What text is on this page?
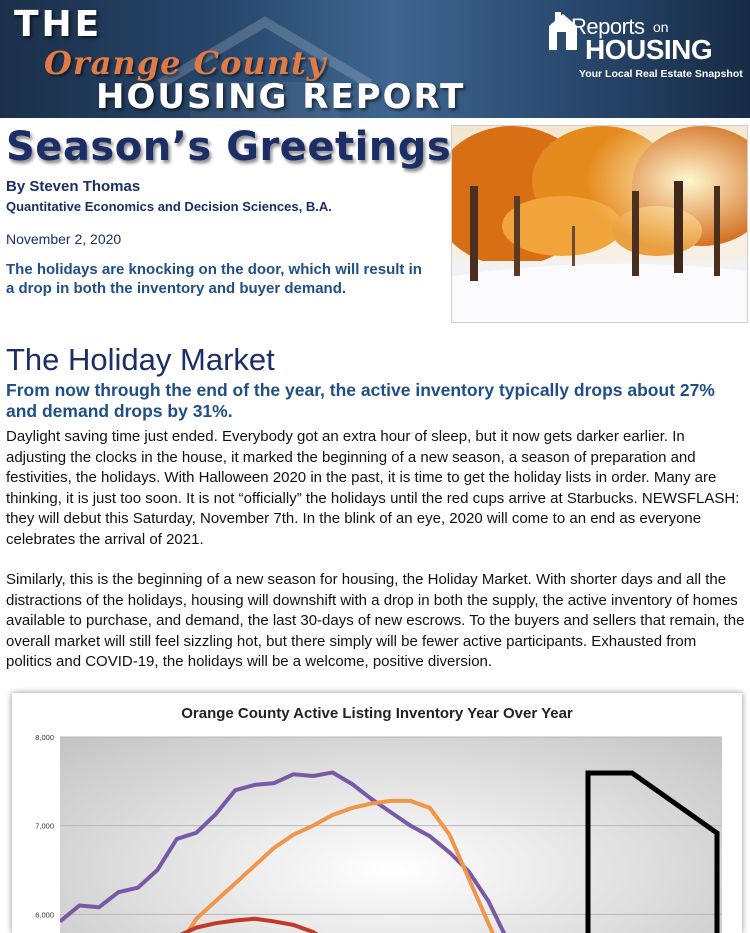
THE
Orange County
HOUSING REPORT
Reports on
HOUSING
Your Local Real Estate Snapshot
Season’s Greetings
By Steven Thomas
Quantitative Economics and Decision Sciences, B.A.
November 2, 2020
The holidays are knocking on the door, which will result in a drop in both the inventory and buyer demand.
The Holiday Market
From now through the end of the year, the active inventory typically drops about 27% and demand drops by 31%.
Daylight saving time just ended. Everybody got an extra hour of sleep, but it now gets darker earlier. In adjusting the clocks in the house, it marked the beginning of a new season, a season of preparation and festivities, the holidays. With Halloween 2020 in the past, it is time to get the holiday lists in order. Many are thinking, it is just too soon. It is not “officially” the holidays until the red cups arrive at Starbucks. NEWSFLASH: they will debut this Saturday, November 7th. In the blink of an eye, 2020 will come to an end as everyone celebrates the arrival of 2021.
Similarly, this is the beginning of a new season for housing, the Holiday Market. With shorter days and all the distractions of the holidays, housing will downshift with a drop in both the supply, the active inventory of homes available to purchase, and demand, the last 30-days of new escrows. To the buyers and sellers that remain, the overall market will still feel sizzling hot, but there simply will be fewer active participants. Exhausted from politics and COVID-19, the holidays will be a welcome, positive diversion.
Orange County Active Listing Inventory Year Over Year
6,000
7,000
8,000
